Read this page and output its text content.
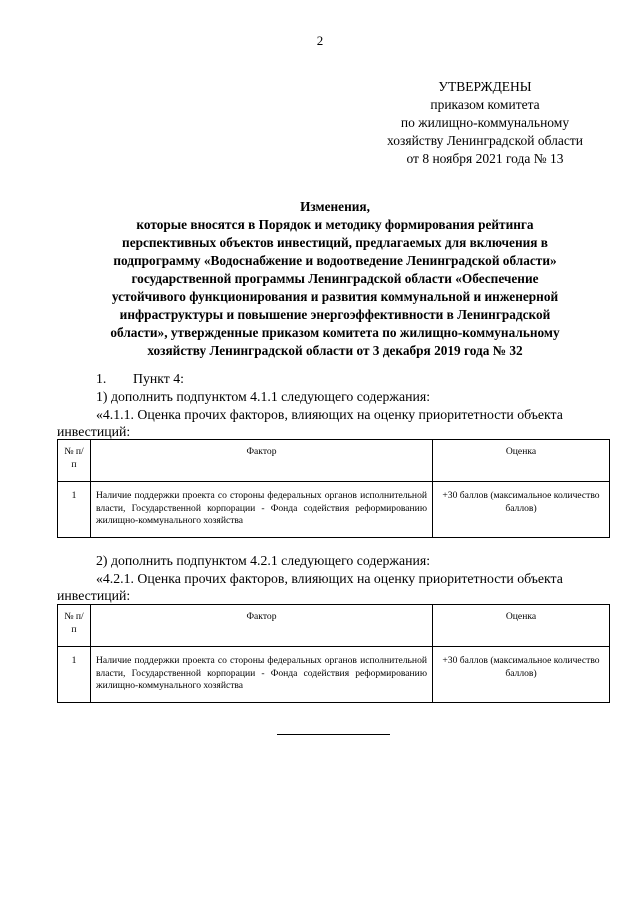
2
УТВЕРЖДЕНЫ
приказом комитета
по жилищно-коммунальному
хозяйству Ленинградской области
от 8 ноября 2021 года № 13
Изменения,
которые вносятся в Порядок и методику формирования рейтинга
перспективных объектов инвестиций, предлагаемых для включения в
подпрограмму «Водоснабжение и водоотведение Ленинградской области»
государственной программы Ленинградской области «Обеспечение
устойчивого функционирования и развития коммунальной и инженерной
инфраструктуры и повышение энергоэффективности в Ленинградской
области», утвержденные приказом комитета по жилищно-коммунальному
хозяйству Ленинградской области от 3 декабря 2019 года № 32
1. Пункт 4:
1) дополнить подпунктом 4.1.1 следующего содержания:
«4.1.1. Оценка прочих факторов, влияющих на оценку приоритетности объекта
инвестиций:
№ п/п	Фактор	Оценка
1	Наличие поддержки проекта со стороны федеральных органов исполнительной власти, Государственной корпорации - Фонда содействия реформированию жилищно-коммунального хозяйства	+30 баллов (максимальное количество баллов)
2) дополнить подпунктом 4.2.1 следующего содержания:
«4.2.1. Оценка прочих факторов, влияющих на оценку приоритетности объекта
инвестиций:
№ п/п	Фактор	Оценка
1	Наличие поддержки проекта со стороны федеральных органов исполнительной власти, Государственной корпорации - Фонда содействия реформированию жилищно-коммунального хозяйства	+30 баллов (максимальное количество баллов)
